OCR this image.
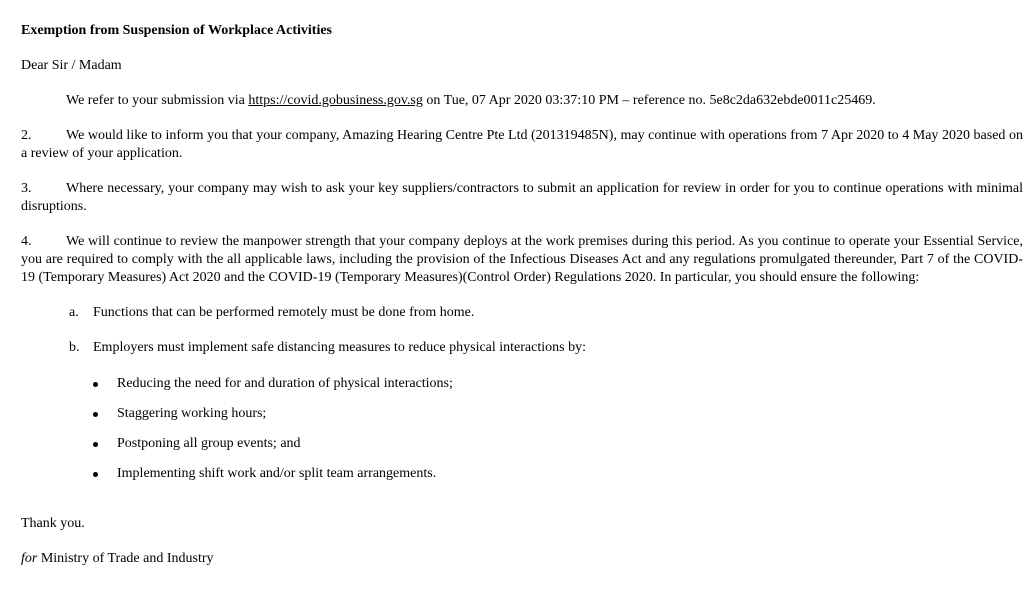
Exemption from Suspension of Workplace Activities
Dear Sir / Madam
We refer to your submission via https://covid.gobusiness.gov.sg on Tue, 07 Apr 2020 03:37:10 PM – reference no. 5e8c2da632ebde0011c25469.
2. We would like to inform you that your company, Amazing Hearing Centre Pte Ltd (201319485N), may continue with operations from 7 Apr 2020 to 4 May 2020 based on a review of your application.
3. Where necessary, your company may wish to ask your key suppliers/contractors to submit an application for review in order for you to continue operations with minimal disruptions.
4. We will continue to review the manpower strength that your company deploys at the work premises during this period. As you continue to operate your Essential Service, you are required to comply with the all applicable laws, including the provision of the Infectious Diseases Act and any regulations promulgated thereunder, Part 7 of the COVID-19 (Temporary Measures) Act 2020 and the COVID-19 (Temporary Measures)(Control Order) Regulations 2020. In particular, you should ensure the following:
a. Functions that can be performed remotely must be done from home.
b. Employers must implement safe distancing measures to reduce physical interactions by:
Reducing the need for and duration of physical interactions;
Staggering working hours;
Postponing all group events; and
Implementing shift work and/or split team arrangements.
Thank you.
for Ministry of Trade and Industry
